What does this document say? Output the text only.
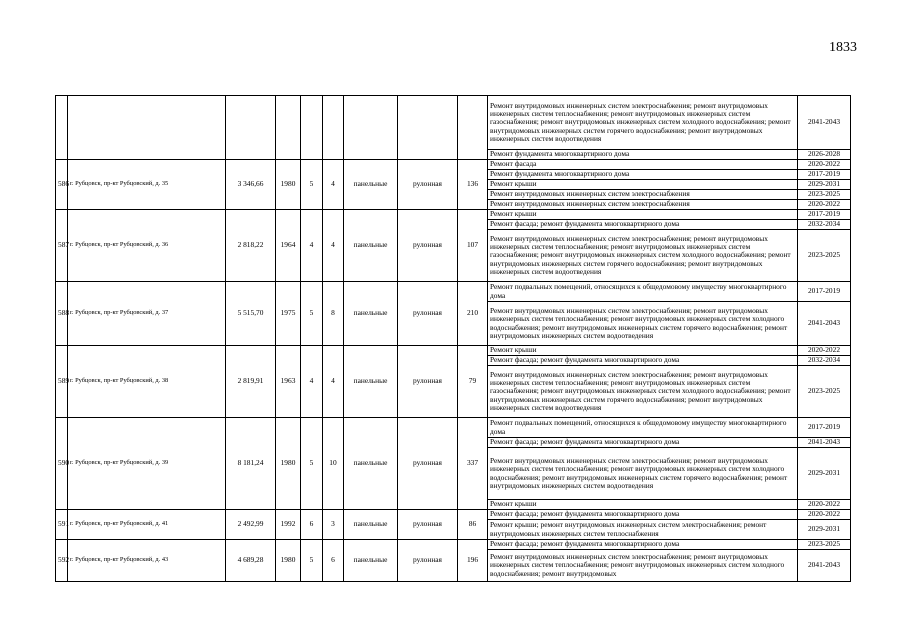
1833
									Ремонт внутридомовых инженерных систем электроснабжения; ремонт внутридомовых инженерных систем теплоснабжения; ремонт внутридомовых инженерных систем газоснабжения; ремонт внутридомовых инженерных систем холодного водоснабжения; ремонт внутридомовых инженерных систем горячего водоснабжения; ремонт внутридомовых инженерных систем водоотведения	2041-2043
									Ремонт фундамента многоквартирного дома	2026-2028
586	г. Рубцовск, пр-кт Рубцовский, д. 35	3 346,66	1980	5	4	панельные	рулонная	136	Ремонт фасада	2020-2022
									Ремонт фундамента многоквартирного дома	2017-2019
									Ремонт крыши	2029-2031
									Ремонт внутридомовых инженерных систем электроснабжения	2023-2025
									Ремонт внутридомовых инженерных систем электроснабжения	2020-2022
587	г. Рубцовск, пр-кт Рубцовский, д. 36	2 818,22	1964	4	4	панельные	рулонная	107	Ремонт крыши	2017-2019
									Ремонт фасада; ремонт фундамента многоквартирного дома	2032-2034
									Ремонт внутридомовых инженерных систем электроснабжения; ремонт внутридомовых инженерных систем теплоснабжения; ремонт внутридомовых инженерных систем газоснабжения; ремонт внутридомовых инженерных систем холодного водоснабжения; ремонт внутридомовых инженерных систем горячего водоснабжения; ремонт внутридомовых инженерных систем водоотведения	2023-2025
588	г. Рубцовск, пр-кт Рубцовский, д. 37	5 515,70	1975	5	8	панельные	рулонная	210	Ремонт подвальных помещений, относящихся к общедомовому имуществу многоквартирного дома	2017-2019
									Ремонт внутридомовых инженерных систем электроснабжения; ремонт внутридомовых инженерных систем теплоснабжения; ремонт внутридомовых инженерных систем холодного водоснабжения; ремонт внутридомовых инженерных систем горячего водоснабжения; ремонт внутридомовых инженерных систем водоотведения	2041-2043
589	г. Рубцовск, пр-кт Рубцовский, д. 38	2 819,91	1963	4	4	панельные	рулонная	79	Ремонт крыши	2020-2022
									Ремонт фасада; ремонт фундамента многоквартирного дома	2032-2034
									Ремонт внутридомовых инженерных систем электроснабжения; ремонт внутридомовых инженерных систем теплоснабжения; ремонт внутридомовых инженерных систем газоснабжения; ремонт внутридомовых инженерных систем холодного водоснабжения; ремонт внутридомовых инженерных систем горячего водоснабжения; ремонт внутридомовых инженерных систем водоотведения	2023-2025
590	г. Рубцовск, пр-кт Рубцовский, д. 39	8 181,24	1980	5	10	панельные	рулонная	337	Ремонт подвальных помещений, относящихся к общедомовому имуществу многоквартирного дома	2017-2019
									Ремонт фасада; ремонт фундамента многоквартирного дома	2041-2043
									Ремонт внутридомовых инженерных систем электроснабжения; ремонт внутридомовых инженерных систем теплоснабжения; ремонт внутридомовых инженерных систем холодного водоснабжения; ремонт внутридомовых инженерных систем горячего водоснабжения; ремонт внутридомовых инженерных систем водоотведения	2029-2031
									Ремонт крыши	2020-2022
591	г. Рубцовск, пр-кт Рубцовский, д. 41	2 492,99	1992	6	3	панельные	рулонная	86	Ремонт фасада; ремонт фундамента многоквартирного дома	2020-2022
									Ремонт крыши; ремонт внутридомовых инженерных систем электроснабжения; ремонт внутридомовых инженерных систем теплоснабжения	2029-2031
592	г. Рубцовск, пр-кт Рубцовский, д. 43	4 689,28	1980	5	6	панельные	рулонная	196	Ремонт фасада; ремонт фундамента многоквартирного дома	2023-2025
									Ремонт внутридомовых инженерных систем электроснабжения; ремонт внутридомовых инженерных систем теплоснабжения; ремонт внутридомовых инженерных систем холодного водоснабжения; ремонт внутридомовых	2041-2043
